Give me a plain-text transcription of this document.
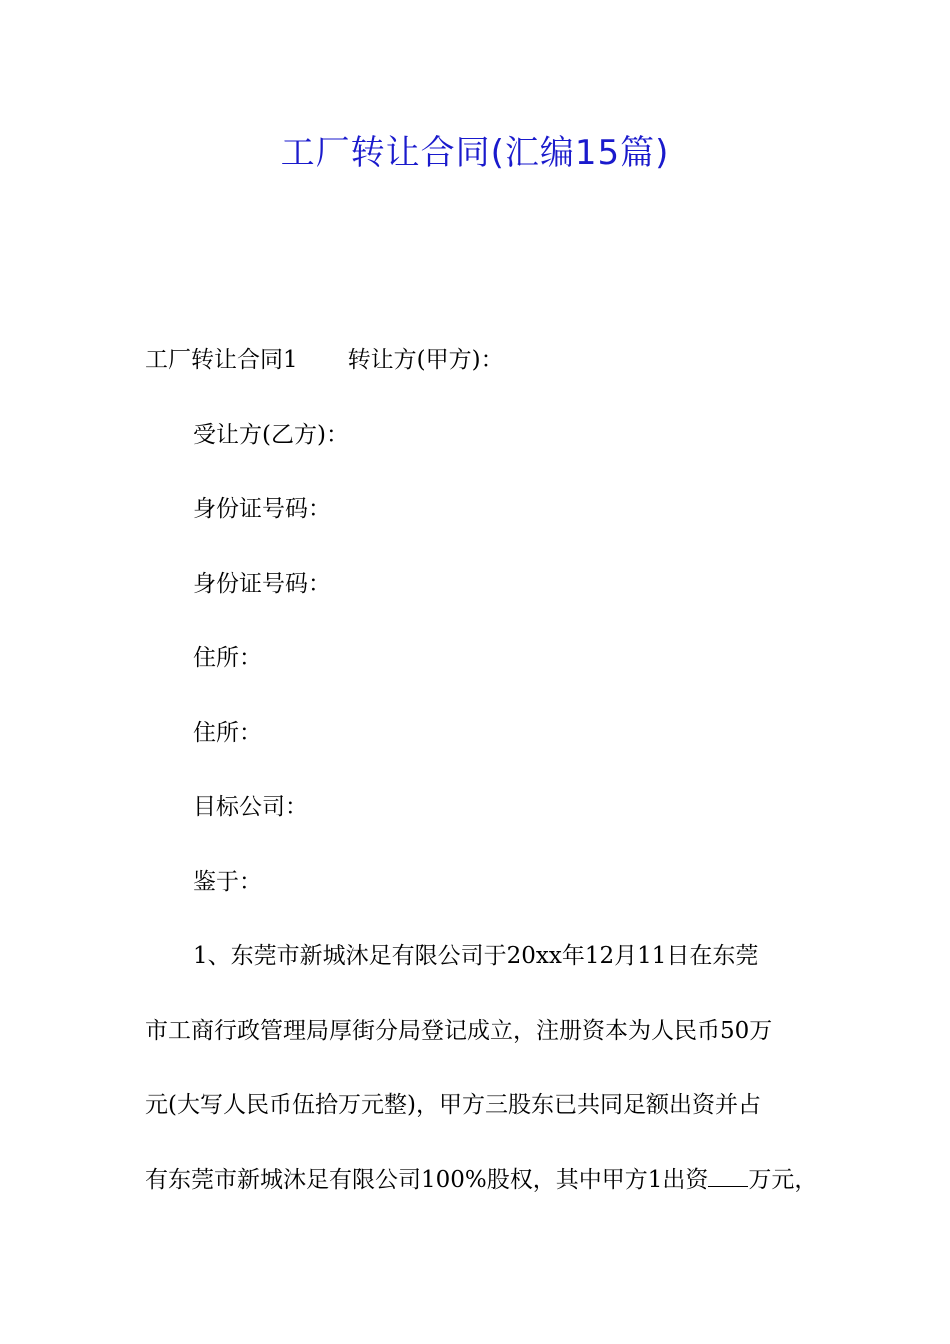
工厂转让合同(汇编15篇)
工厂转让合同1 转让方(甲方)：
受让方(乙方)：
身份证号码：
身份证号码：
住所：
住所：
目标公司：
鉴于：
1、东莞市新城沐足有限公司于20xx年12月11日在东莞
市工商行政管理局厚街分局登记成立，注册资本为人民币50万
元(大写人民币伍拾万元整)，甲方三股东已共同足额出资并占
有东莞市新城沐足有限公司100%股权，其中甲方1出资 万元，
